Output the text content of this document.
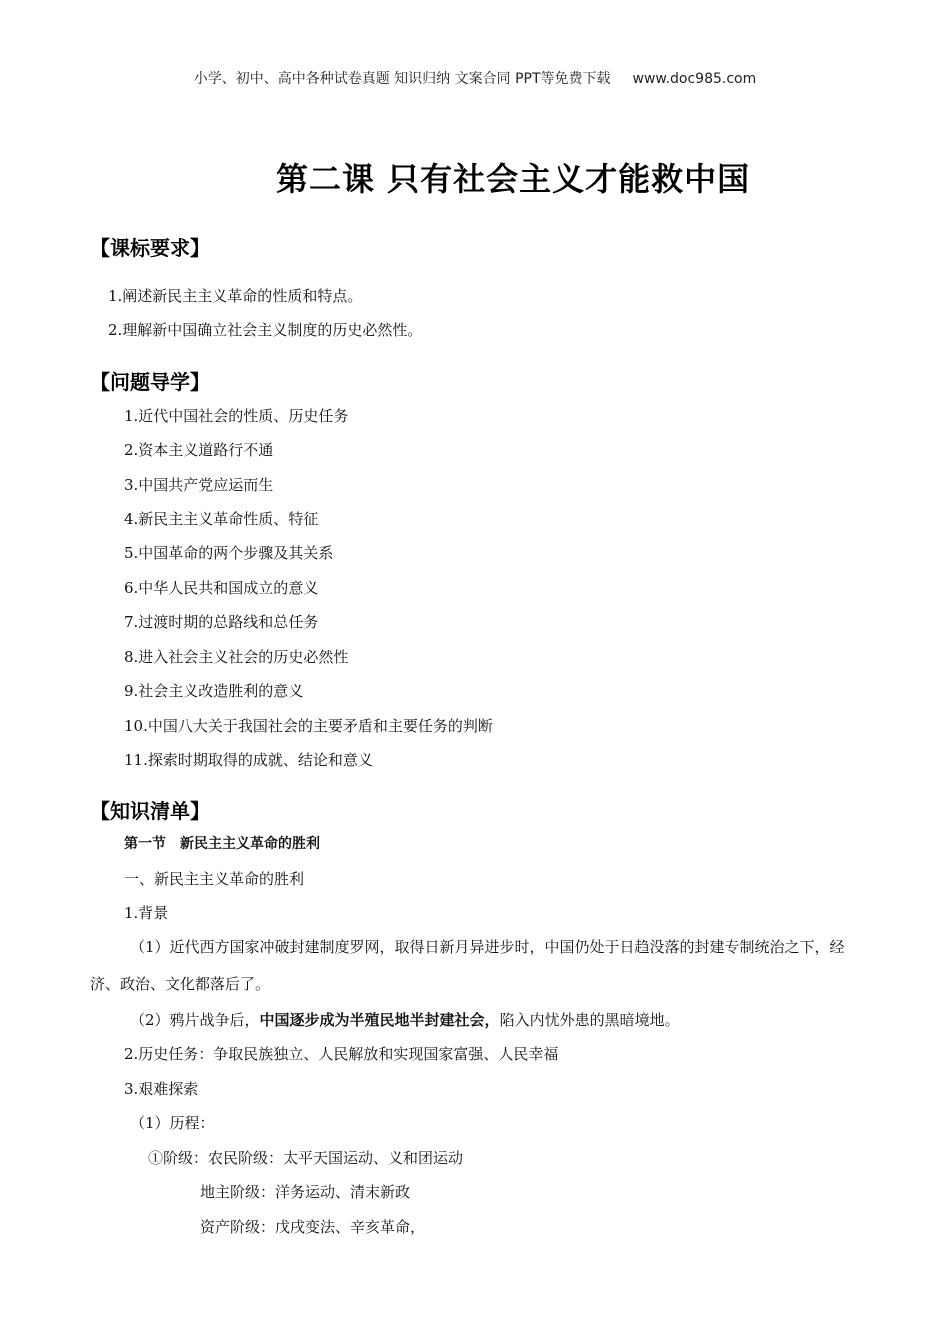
小学、初中、高中各种试卷真题 知识归纳 文案合同 PPT等免费下载 www.doc985.com
第二课 只有社会主义才能救中国
【课标要求】
1.阐述新民主主义革命的性质和特点。
2.理解新中国确立社会主义制度的历史必然性。
【问题导学】
1.近代中国社会的性质、历史任务
2.资本主义道路行不通
3.中国共产党应运而生
4.新民主主义革命性质、特征
5.中国革命的两个步骤及其关系
6.中华人民共和国成立的意义
7.过渡时期的总路线和总任务
8.进入社会主义社会的历史必然性
9.社会主义改造胜利的意义
10.中国八大关于我国社会的主要矛盾和主要任务的判断
11.探索时期取得的成就、结论和意义
【知识清单】
第一节　新民主主义革命的胜利
一、新民主主义革命的胜利
1.背景
（1）近代西方国家冲破封建制度罗网，取得日新月异进步时，中国仍处于日趋没落的封建专制统治之下，经济、政治、文化都落后了。
（2）鸦片战争后，中国逐步成为半殖民地半封建社会，陷入内忧外患的黑暗境地。
2.历史任务：争取民族独立、人民解放和实现国家富强、人民幸福
3.艰难探索
（1）历程：
①阶级：农民阶级：太平天国运动、义和团运动
地主阶级：洋务运动、清末新政
资产阶级：戊戌变法、辛亥革命，
